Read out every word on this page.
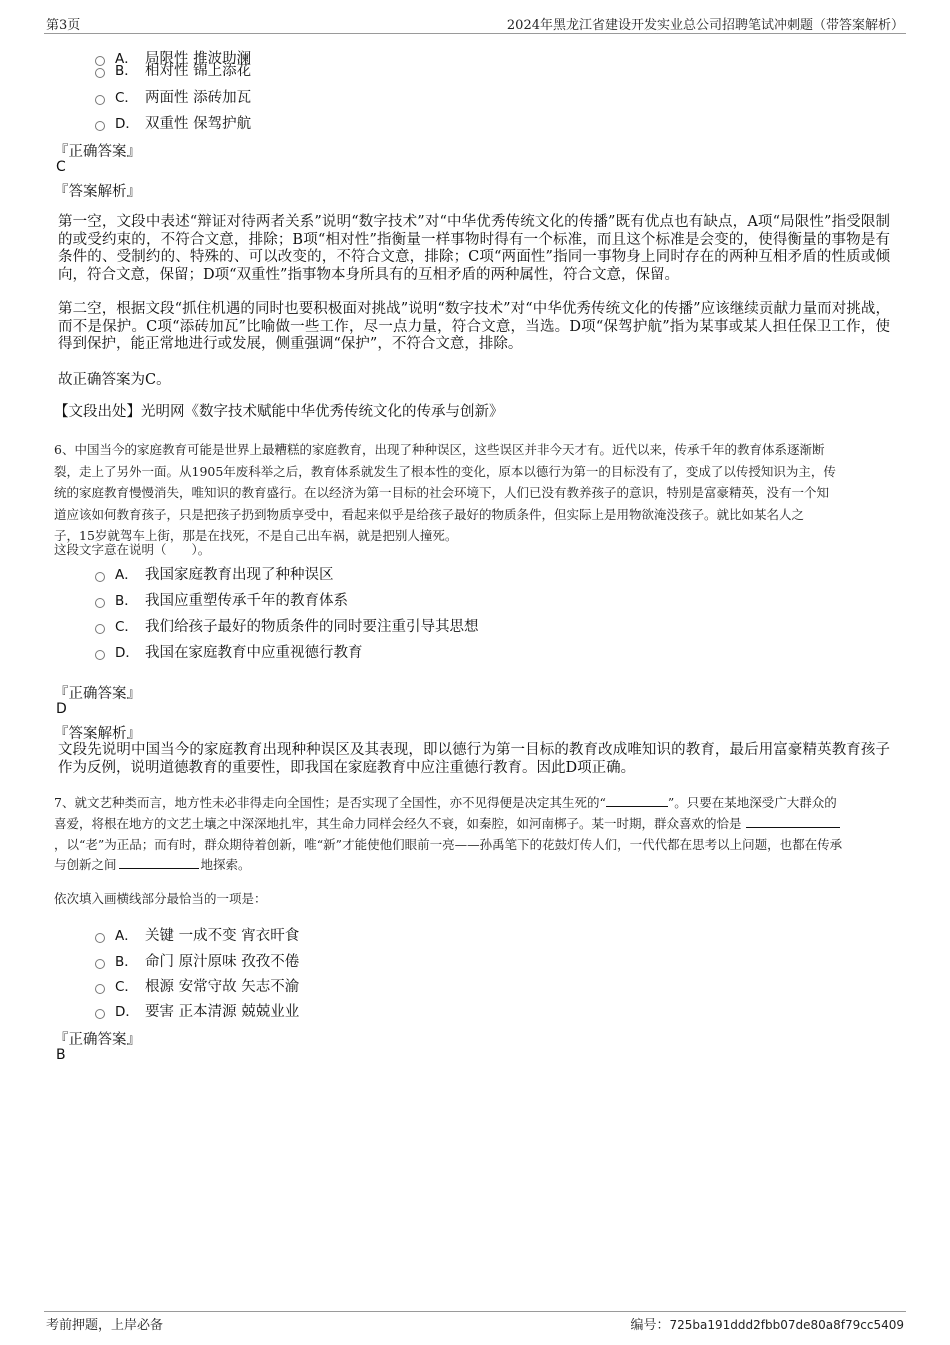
第3页	2024年黑龙江省建设开发实业总公司招聘笔试冲刺题（带答案解析）
A． 局限性 推波助澜
B． 相对性 锦上添花
C． 两面性 添砖加瓦
D． 双重性 保驾护航
『正确答案』
C
『答案解析』
第一空，文段中表述“辩证对待两者关系”说明“数字技术”对“中华优秀传统文化的传播”既有优点也有缺点，A项“局限性”指受限制的或受约束的，不符合文意，排除；B项“相对性”指衡量一样事物时得有一个标准，而且这个标准是会变的，使得衡量的事物是有条件的、受制约的、特殊的、可以改变的，不符合文意，排除；C项“两面性”指同一事物身上同时存在的两种互相矛盾的性质或倾向，符合文意，保留；D项“双重性”指事物本身所具有的互相矛盾的两种属性，符合文意，保留。
第二空，根据文段“抓住机遇的同时也要积极面对挑战”说明“数字技术”对“中华优秀传统文化的传播”应该继续贡献力量而对挑战，而不是保护。C项“添砖加瓦”比喻做一些工作，尽一点力量，符合文意，当选。D项“保驾护航”指为某事或某人担任保卫工作，使得到保护，能正常地进行或发展，侧重强调“保护”，不符合文意，排除。
故正确答案为C。
【文段出处】光明网《数字技术赋能中华优秀传统文化的传承与创新》
6、中国当今的家庭教育可能是世界上最糟糕的家庭教育，出现了种种误区，这些误区并非今天才有。近代以来，传承千年的教育体系逐渐断
裂，走上了另外一面。从1905年废科举之后，教育体系就发生了根本性的变化，原本以德行为第一的目标没有了，变成了以传授知识为主，传
统的家庭教育慢慢消失，唯知识的教育盛行。在以经济为第一目标的社会环境下，人们已没有教养孩子的意识，特别是富豪精英，没有一个知
道应该如何教育孩子，只是把孩子扔到物质享受中，看起来似乎是给孩子最好的物质条件，但实际上是用物欲淹没孩子。就比如某名人之
子，15岁就驾车上街，那是在找死，不是自己出车祸，就是把别人撞死。
这段文字意在说明（　　）。
A． 我国家庭教育出现了种种误区
B． 我国应重塑传承千年的教育体系
C． 我们给孩子最好的物质条件的同时要注重引导其思想
D． 我国在家庭教育中应重视德行教育
『正确答案』
D
『答案解析』
文段先说明中国当今的家庭教育出现种种误区及其表现，即以德行为第一目标的教育改成唯知识的教育，最后用富豪精英教育孩子作为反例，说明道德教育的重要性，即我国在家庭教育中应注重德行教育。因此D项正确。
7、就文艺种类而言，地方性未必非得走向全国性；是否实现了全国性，亦不见得便是决定其生死的“	”。只要在某地深受广大群众的
喜爱，将根在地方的文艺土壤之中深深地扎牢，其生命力同样会经久不衰，如秦腔，如河南梆子。某一时期，群众喜欢的恰是
，以“老”为正品；而有时，群众期待着创新，唯“新”才能使他们眼前一亮——孙禹笔下的花鼓灯传人们，一代代都在思考以上问题，也都在传承
与创新之间	地探索。
依次填入画横线部分最恰当的一项是：
A． 关键 一成不变 宵衣旰食
B． 命门 原汁原味 孜孜不倦
C． 根源 安常守故 矢志不渝
D． 要害 正本清源 兢兢业业
『正确答案』
B
考前押题，上岸必备	编号：725ba191ddd2fbb07de80a8f79cc5409
